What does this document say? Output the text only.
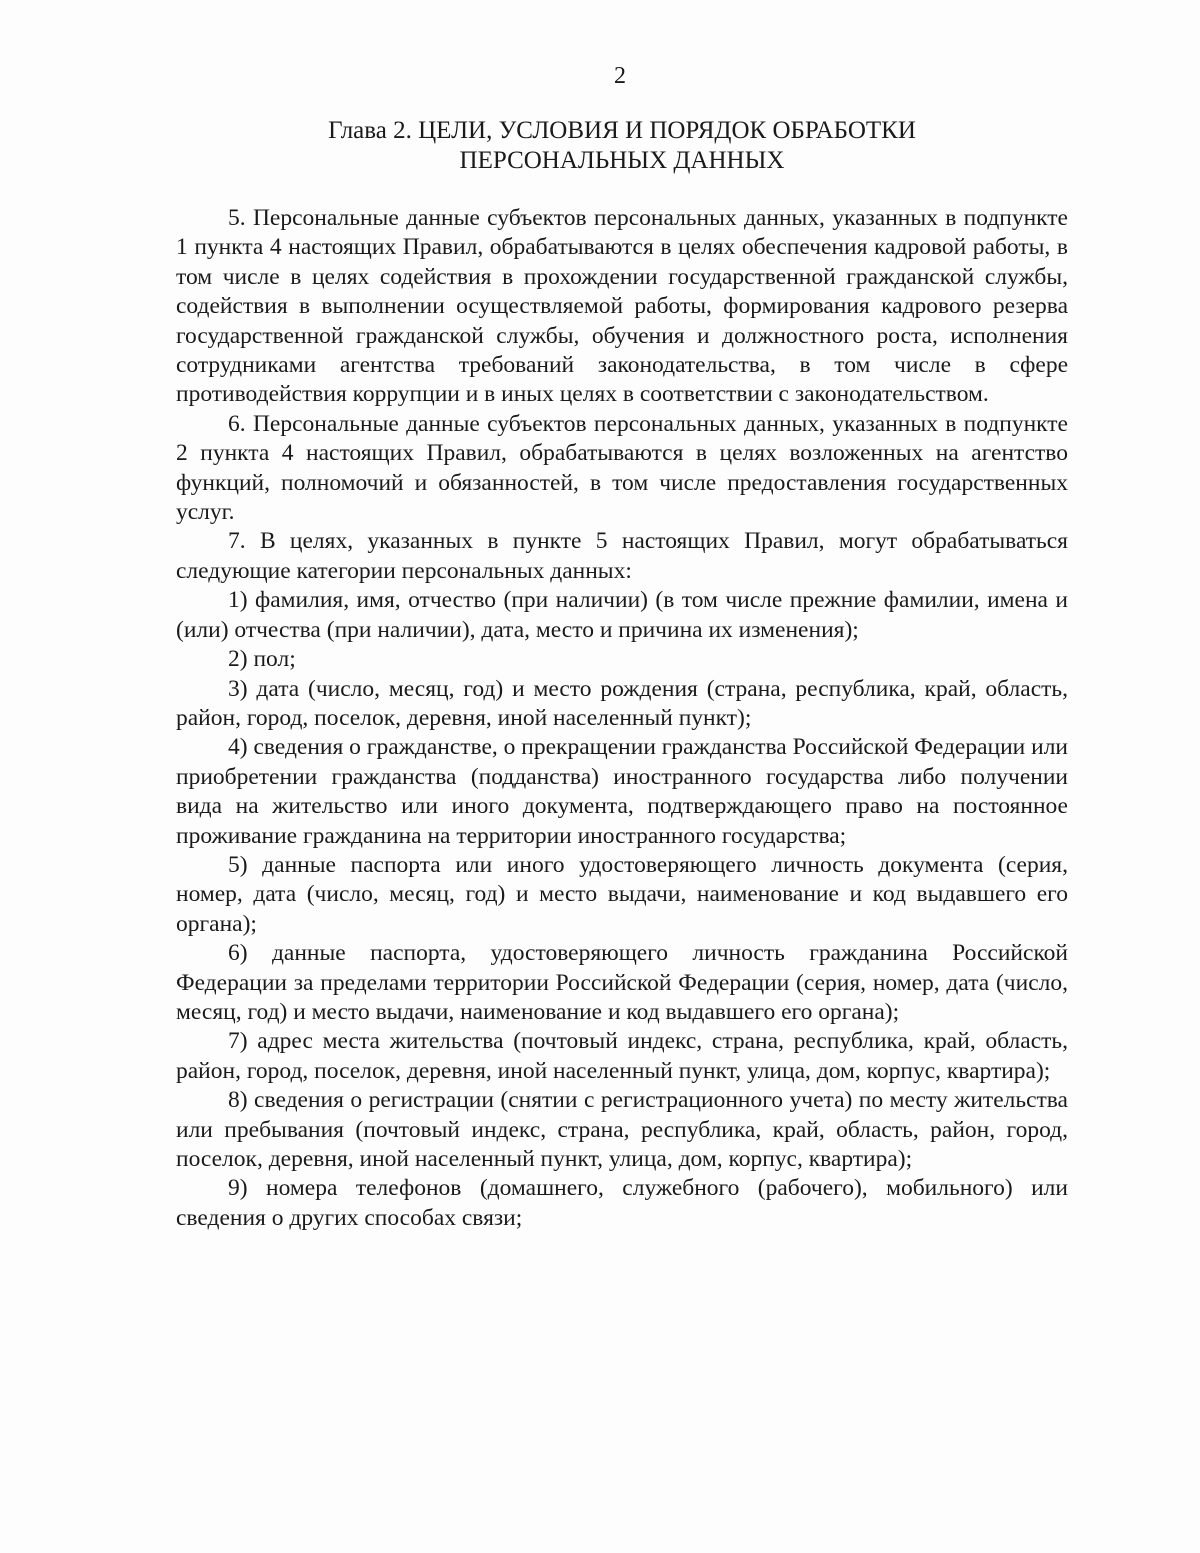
2
Глава 2. ЦЕЛИ, УСЛОВИЯ И ПОРЯДОК ОБРАБОТКИ
ПЕРСОНАЛЬНЫХ ДАННЫХ

5. Персональные данные субъектов персональных данных, указанных в подпункте 1 пункта 4 настоящих Правил, обрабатываются в целях обеспечения кадровой работы, в том числе в целях содействия в прохождении государственной гражданской службы, содействия в выполнении осуществляемой работы, формирования кадрового резерва государственной гражданской службы, обучения и должностного роста, исполнения сотрудниками агентства требований законодательства, в том числе в сфере противодействия коррупции и в иных целях в соответствии с законодательством.

6. Персональные данные субъектов персональных данных, указанных в подпункте 2 пункта 4 настоящих Правил, обрабатываются в целях возложенных на агентство функций, полномочий и обязанностей, в том числе предоставления государственных услуг.

7. В целях, указанных в пункте 5 настоящих Правил, могут обрабатываться следующие категории персональных данных:

1) фамилия, имя, отчество (при наличии) (в том числе прежние фамилии, имена и (или) отчества (при наличии), дата, место и причина их изменения);

2) пол;

3) дата (число, месяц, год) и место рождения (страна, республика, край, область, район, город, поселок, деревня, иной населенный пункт);

4) сведения о гражданстве, о прекращении гражданства Российской Федерации или приобретении гражданства (подданства) иностранного государства либо получении вида на жительство или иного документа, подтверждающего право на постоянное проживание гражданина на территории иностранного государства;

5) данные паспорта или иного удостоверяющего личность документа (серия, номер, дата (число, месяц, год) и место выдачи, наименование и код выдавшего его органа);

6) данные паспорта, удостоверяющего личность гражданина Российской Федерации за пределами территории Российской Федерации (серия, номер, дата (число, месяц, год) и место выдачи, наименование и код выдавшего его органа);

7) адрес места жительства (почтовый индекс, страна, республика, край, область, район, город, поселок, деревня, иной населенный пункт, улица, дом, корпус, квартира);

8) сведения о регистрации (снятии с регистрационного учета) по месту жительства или пребывания (почтовый индекс, страна, республика, край, область, район, город, поселок, деревня, иной населенный пункт, улица, дом, корпус, квартира);

9) номера телефонов (домашнего, служебного (рабочего), мобильного) или сведения о других способах связи;
